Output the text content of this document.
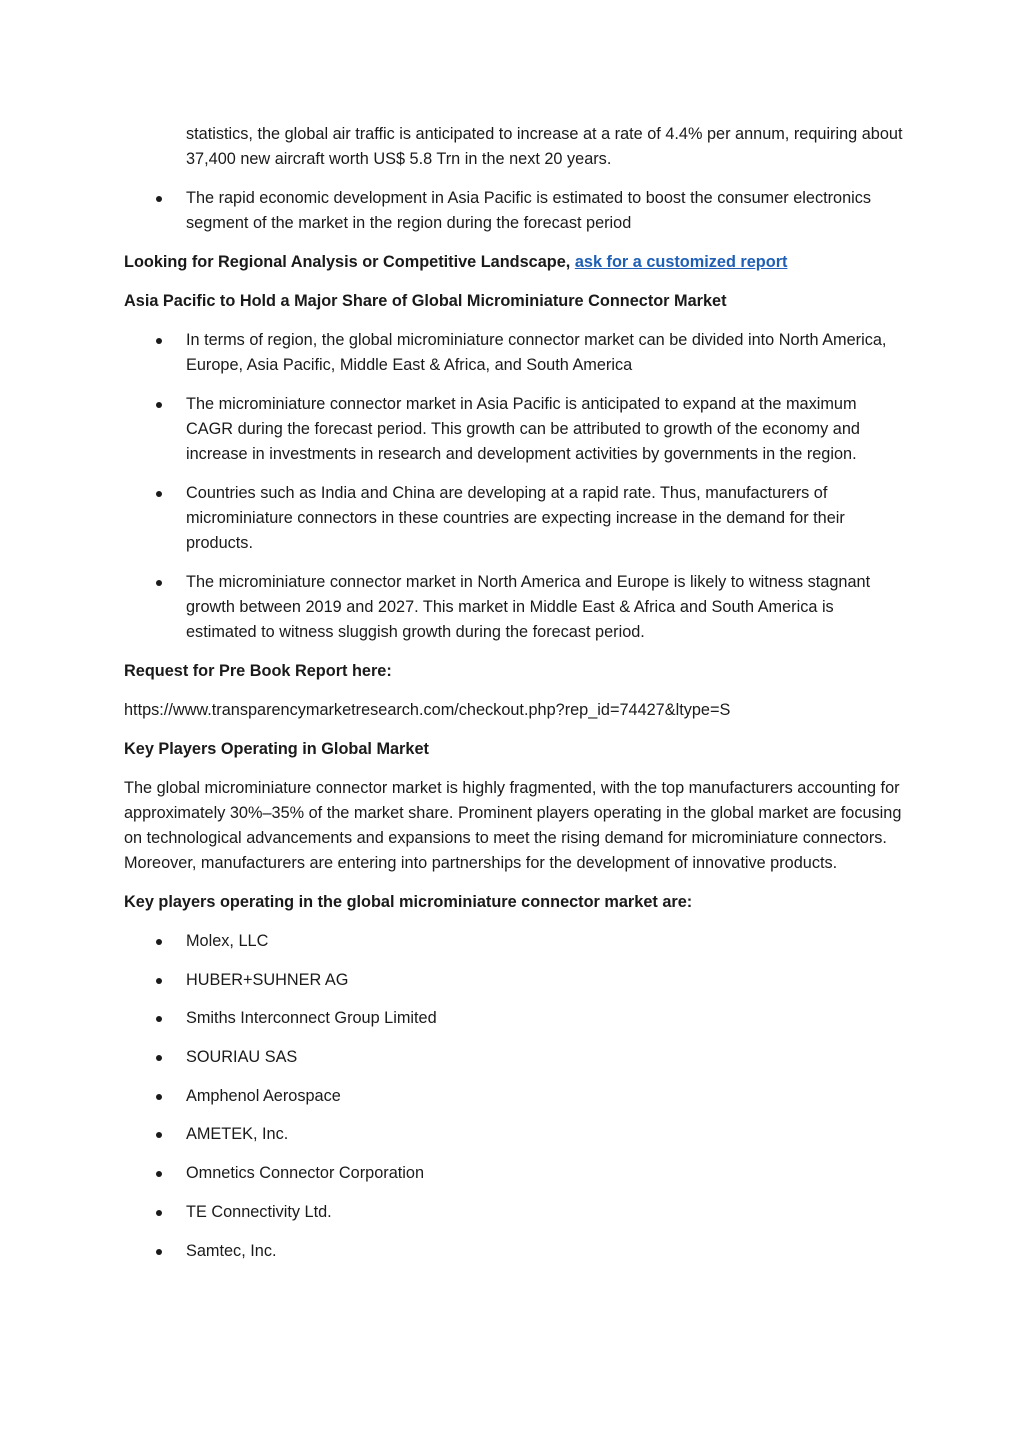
statistics, the global air traffic is anticipated to increase at a rate of 4.4% per annum, requiring about 37,400 new aircraft worth US$ 5.8 Trn in the next 20 years.

The rapid economic development in Asia Pacific is estimated to boost the consumer electronics segment of the market in the region during the forecast period

Looking for Regional Analysis or Competitive Landscape, ask for a customized report

Asia Pacific to Hold a Major Share of Global Microminiature Connector Market

In terms of region, the global microminiature connector market can be divided into North America, Europe, Asia Pacific, Middle East & Africa, and South America
The microminiature connector market in Asia Pacific is anticipated to expand at the maximum CAGR during the forecast period. This growth can be attributed to growth of the economy and increase in investments in research and development activities by governments in the region.
Countries such as India and China are developing at a rapid rate. Thus, manufacturers of microminiature connectors in these countries are expecting increase in the demand for their products.
The microminiature connector market in North America and Europe is likely to witness stagnant growth between 2019 and 2027. This market in Middle East & Africa and South America is estimated to witness sluggish growth during the forecast period.

Request for Pre Book Report here:

https://www.transparencymarketresearch.com/checkout.php?rep_id=74427&ltype=S

Key Players Operating in Global Market

The global microminiature connector market is highly fragmented, with the top manufacturers accounting for approximately 30%–35% of the market share. Prominent players operating in the global market are focusing on technological advancements and expansions to meet the rising demand for microminiature connectors. Moreover, manufacturers are entering into partnerships for the development of innovative products.

Key players operating in the global microminiature connector market are:

Molex, LLC
HUBER+SUHNER AG
Smiths Interconnect Group Limited
SOURIAU SAS
Amphenol Aerospace
AMETEK, Inc.
Omnetics Connector Corporation
TE Connectivity Ltd.
Samtec, Inc.
